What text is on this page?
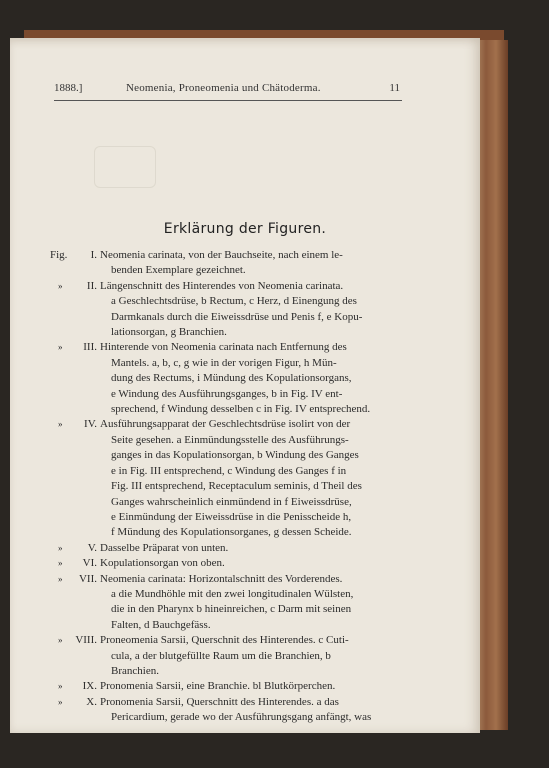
1888.]	Neomenia, Proneomenia und Chätoderma.	11
Erklärung der Figuren.
Fig. I. Neomenia carinata, von der Bauchseite, nach einem le-
benden Exemplare gezeichnet.
» II. Längenschnitt des Hinterendes von Neomenia carinata.
a Geschlechtsdrüse, b Rectum, c Herz, d Einengung des
Darmkanals durch die Eiweissdrüse und Penis f, e Kopu-
lationsorgan, g Branchien.
» III. Hinterende von Neomenia carinata nach Entfernung des
Mantels. a, b, c, g wie in der vorigen Figur, h Mün-
dung des Rectums, i Mündung des Kopulationsorgans,
e Windung des Ausführungsganges, b in Fig. IV ent-
sprechend, f Windung desselben c in Fig. IV entsprechend.
» IV. Ausführungsapparat der Geschlechtsdrüse isolirt von der
Seite gesehen. a Einmündungsstelle des Ausführungs-
ganges in das Kopulationsorgan, b Windung des Ganges
e in Fig. III entsprechend, c Windung des Ganges f in
Fig. III entsprechend, Receptaculum seminis, d Theil des
Ganges wahrscheinlich einmündend in f Eiweissdrüse,
e Einmündung der Eiweissdrüse in die Penisscheide h,
f Mündung des Kopulationsorganes, g dessen Scheide.
» V. Dasselbe Präparat von unten.
» VI. Kopulationsorgan von oben.
» VII. Neomenia carinata: Horizontalschnitt des Vorderendes.
a die Mundhöhle mit den zwei longitudinalen Wülsten,
die in den Pharynx b hineinreichen, c Darm mit seinen
Falten, d Bauchgefäss.
» VIII. Proneomenia Sarsii, Querschnit des Hinterendes. c Cuti-
cula, a der blutgefüllte Raum um die Branchien, b
Branchien.
» IX. Pronomenia Sarsii, eine Branchie. bl Blutkörperchen.
» X. Pronomenia Sarsii, Querschnitt des Hinterendes. a das
Pericardium, gerade wo der Ausführungsgang anfängt, was
